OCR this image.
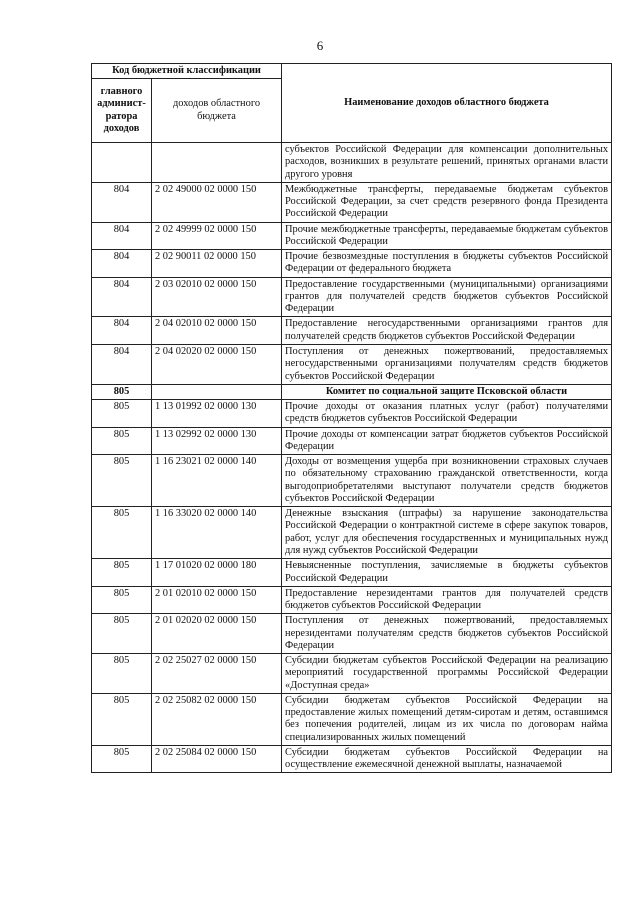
6
Код бюджетной классификации		Наименование доходов областного бюджета
главного админист-ратора доходов	доходов областного бюджета	
		субъектов Российской Федерации для компенсации дополнительных расходов, возникших в результате решений, принятых органами власти другого уровня
804	2 02 49000 02 0000 150	Межбюджетные трансферты, передаваемые бюджетам субъектов Российской Федерации, за счет средств резервного фонда Президента Российской Федерации
804	2 02 49999 02 0000 150	Прочие межбюджетные трансферты, передаваемые бюджетам субъектов Российской Федерации
804	2 02 90011 02 0000 150	Прочие безвозмездные поступления в бюджеты субъектов Российской Федерации от федерального бюджета
804	2 03 02010 02 0000 150	Предоставление государственными (муниципальными) организациями грантов для получателей средств бюджетов субъектов Российской Федерации
804	2 04 02010 02 0000 150	Предоставление негосударственными организациями грантов для получателей средств бюджетов субъектов Российской Федерации
804	2 04 02020 02 0000 150	Поступления от денежных пожертвований, предоставляемых негосударственными организациями получателям средств бюджетов субъектов Российской Федерации
805		Комитет по социальной защите Псковской области
805	1 13 01992 02 0000 130	Прочие доходы от оказания платных услуг (работ) получателями средств бюджетов субъектов Российской Федерации
805	1 13 02992 02 0000 130	Прочие доходы от компенсации затрат бюджетов субъектов Российской Федерации
805	1 16 23021 02 0000 140	Доходы от возмещения ущерба при возникновении страховых случаев по обязательному страхованию гражданской ответственности, когда выгодоприобретателями выступают получатели средств бюджетов субъектов Российской Федерации
805	1 16 33020 02 0000 140	Денежные взыскания (штрафы) за нарушение законодательства Российской Федерации о контрактной системе в сфере закупок товаров, работ, услуг для обеспечения государственных и муниципальных нужд для нужд субъектов Российской Федерации
805	1 17 01020 02 0000 180	Невыясненные поступления, зачисляемые в бюджеты субъектов Российской Федерации
805	2 01 02010 02 0000 150	Предоставление нерезидентами грантов для получателей средств бюджетов субъектов Российской Федерации
805	2 01 02020 02 0000 150	Поступления от денежных пожертвований, предоставляемых нерезидентами получателям средств бюджетов субъектов Российской Федерации
805	2 02 25027 02 0000 150	Субсидии бюджетам субъектов Российской Федерации на реализацию мероприятий государственной программы Российской Федерации «Доступная среда»
805	2 02 25082 02 0000 150	Субсидии бюджетам субъектов Российской Федерации на предоставление жилых помещений детям-сиротам и детям, оставшимся без попечения родителей, лицам из их числа по договорам найма специализированных жилых помещений
805	2 02 25084 02 0000 150	Субсидии бюджетам субъектов Российской Федерации на осуществление ежемесячной денежной выплаты, назначаемой
